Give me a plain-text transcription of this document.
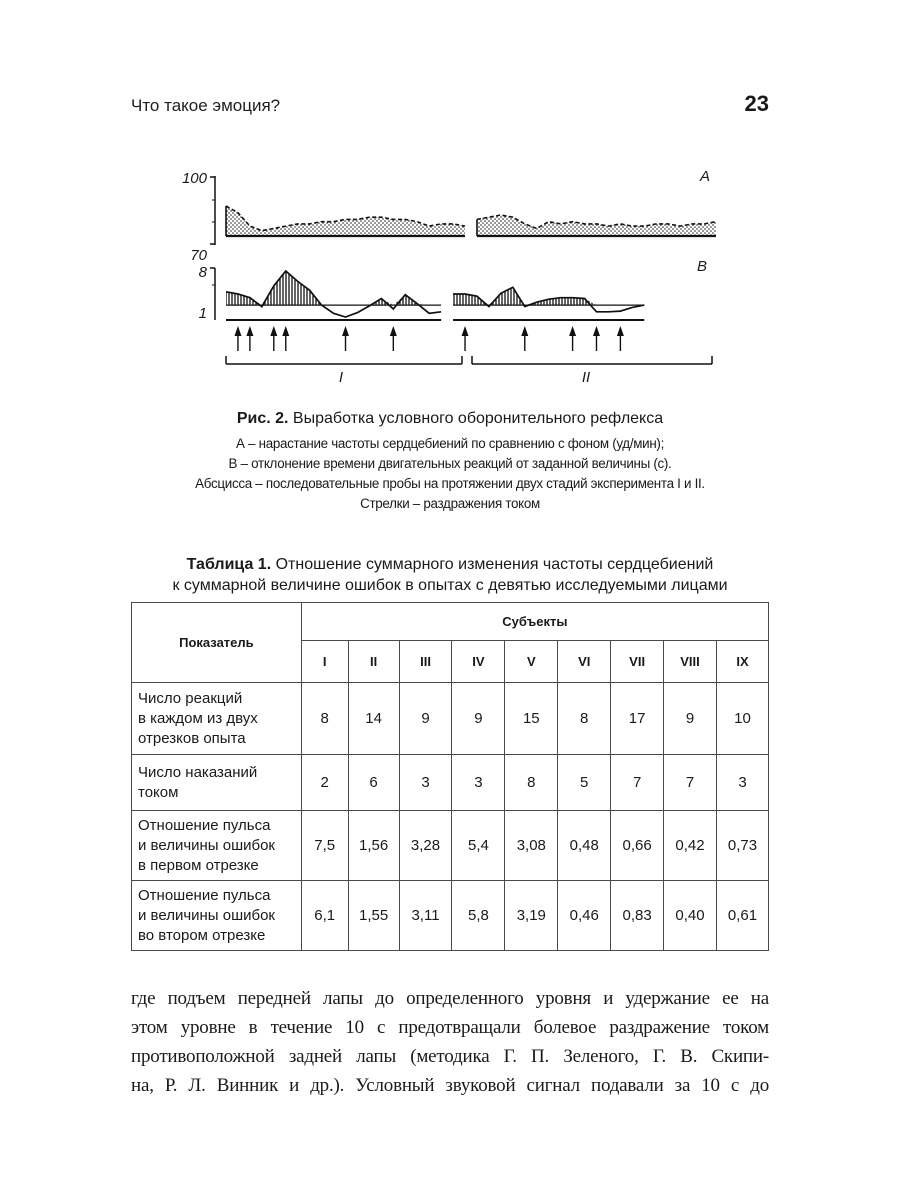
Что такое эмоция?	23
100
70
A
8
1
B
I	II
Рис. 2. Выработка условного оборонительного рефлекса
А – нарастание частоты сердцебиений по сравнению с фоном (уд/мин);
В – отклонение времени двигательных реакций от заданной величины (с).
Абсцисса – последовательные пробы на протяжении двух стадий эксперимента I и II.
Стрелки – раздражения током
Таблица 1. Отношение суммарного изменения частоты сердцебиений
к суммарной величине ошибок в опытах с девятью исследуемыми лицами
Показатель	Субъекты								
	I	II	III	IV	V	VI	VII	VIII	IX

Число реакций
в каждом из двух
отрезков опыта	8	14	9	9	15	8	17	9	10

Число наказаний
током	2	6	3	3	8	5	7	7	3

Отношение пульса
и величины ошибок
в первом отрезке	7,5	1,56	3,28	5,4	3,08	0,48	0,66	0,42	0,73

Отношение пульса
и величины ошибок
во втором отрезке	6,1	1,55	3,11	5,8	3,19	0,46	0,83	0,40	0,61
где подъем передней лапы до определенного уровня и удержание ее на
этом уровне в течение 10 с предотвращали болевое раздражение током
противоположной задней лапы (методика Г. П. Зеленого, Г. В. Скипи-
на, Р. Л. Винник и др.). Условный звуковой сигнал подавали за 10 с до
